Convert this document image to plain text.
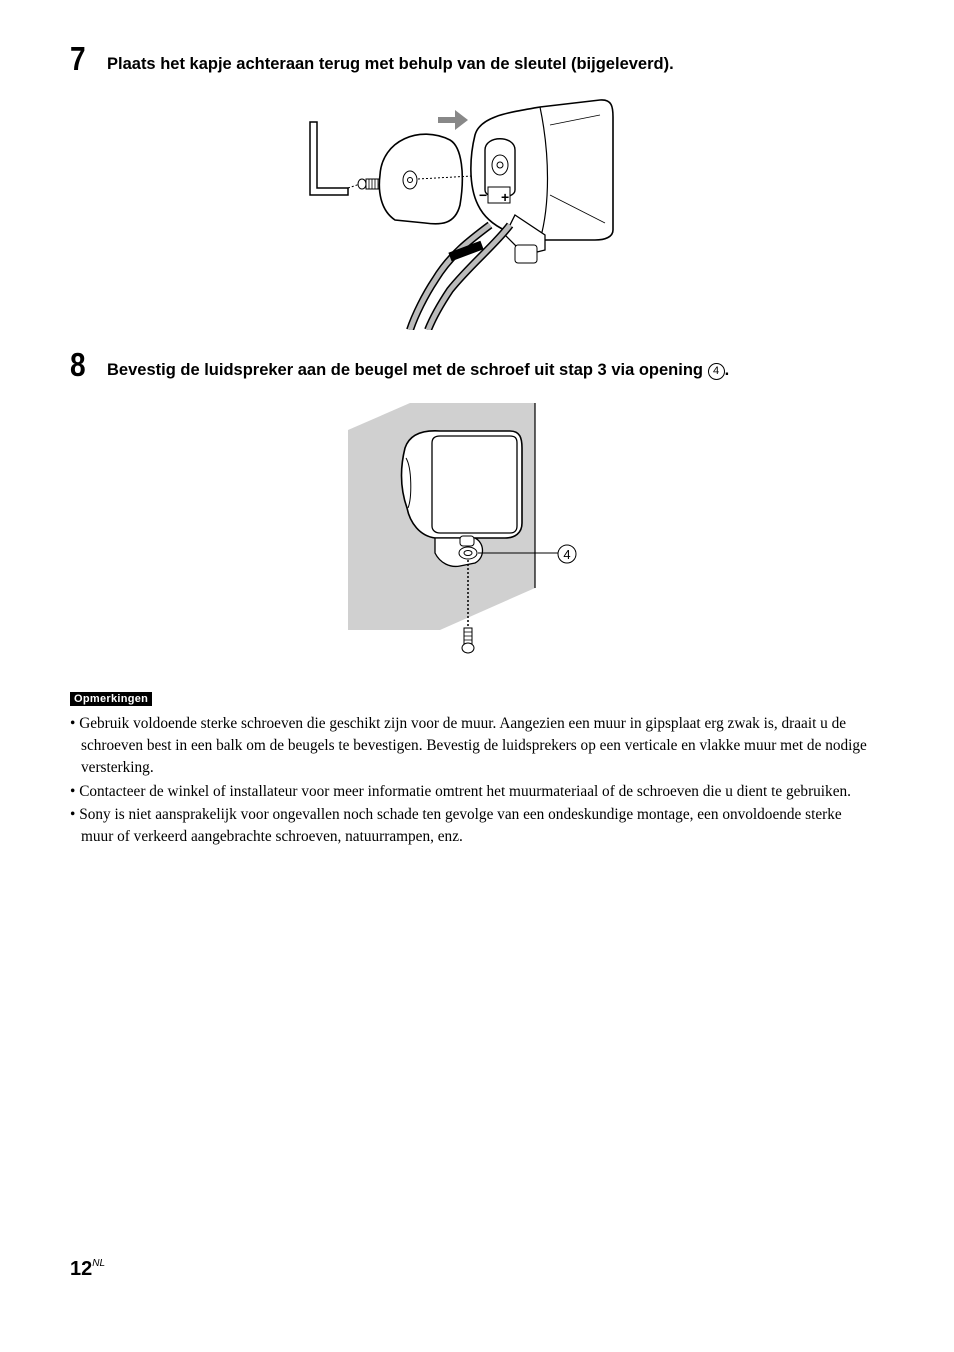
7	Plaats het kapje achteraan terug met behulp van de sleutel (bijgeleverd).
− +
8	Bevestig de luidspreker aan de beugel met de schroef uit stap 3 via opening 4 .
4
Opmerkingen
• Gebruik voldoende sterke schroeven die geschikt zijn voor de muur. Aangezien een muur in gipsplaat erg zwak is, draait u de schroeven best in een balk om de beugels te bevestigen. Bevestig de luidsprekers op een verticale en vlakke muur met de nodige versterking.
• Contacteer de winkel of installateur voor meer informatie omtrent het muurmateriaal of de schroeven die u dient te gebruiken.
• Sony is niet aansprakelijk voor ongevallen noch schade ten gevolge van een ondeskundige montage, een onvoldoende sterke muur of verkeerd aangebrachte schroeven, natuurrampen, enz.
$12^{NL}$
